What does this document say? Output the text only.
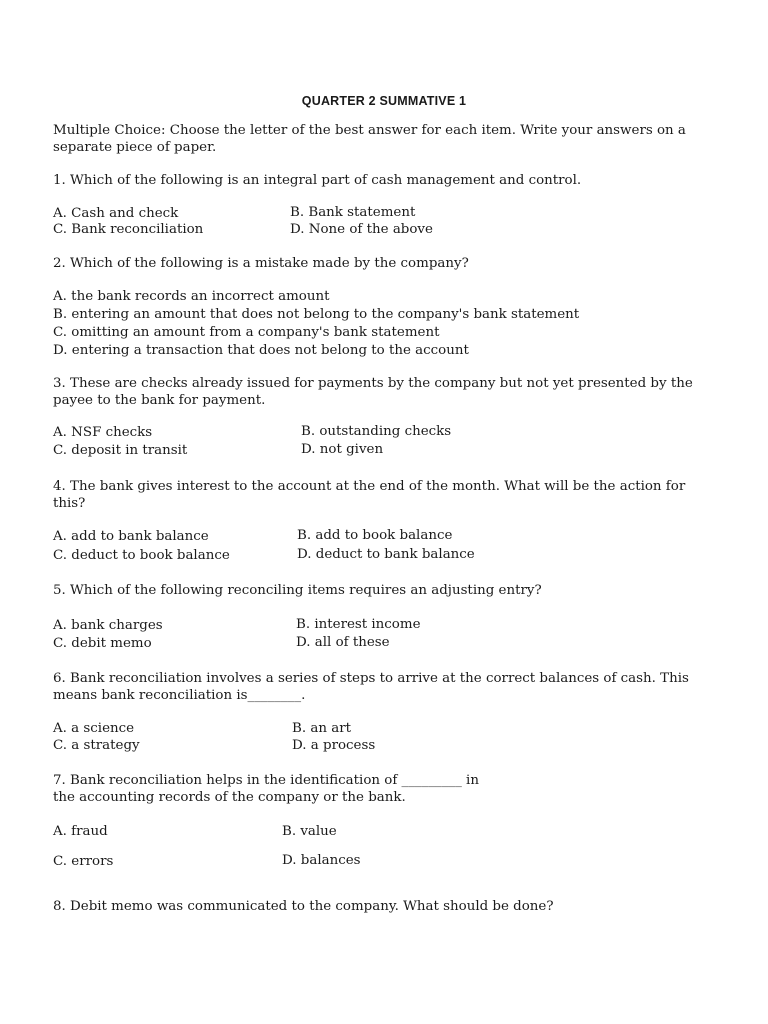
QUARTER 2 SUMMATIVE 1

Multiple Choice: Choose the letter of the best answer for each item. Write your answers on a separate piece of paper.

1. Which of the following is an integral part of cash management and control.

A. Cash and check	B. Bank statement
C. Bank reconciliation	D. None of the above

2. Which of the following is a mistake made by the company?

A. the bank records an incorrect amount
B. entering an amount that does not belong to the company's bank statement
C. omitting an amount from a company's bank statement
D. entering a transaction that does not belong to the account

3. These are checks already issued for payments by the company but not yet presented by the payee to the bank for payment.

A. NSF checks	B. outstanding checks
C. deposit in transit	D. not given

4. The bank gives interest to the account at the end of the month. What will be the action for this?

A. add to bank balance	B. add to book balance
C. deduct to book balance	D. deduct to bank balance

5. Which of the following reconciling items requires an adjusting entry?

A. bank charges	B. interest income
C. debit memo	D. all of these

6. Bank reconciliation involves a series of steps to arrive at the correct balances of cash. This means bank reconciliation is________.

A. a science	B. an art
C. a strategy	D. a process
7. Bank reconciliation helps in the identification of _________ in
the accounting records of the company or the bank.
A. fraud	B. value
C. errors	D. balances

8. Debit memo was communicated to the company. What should be done?
